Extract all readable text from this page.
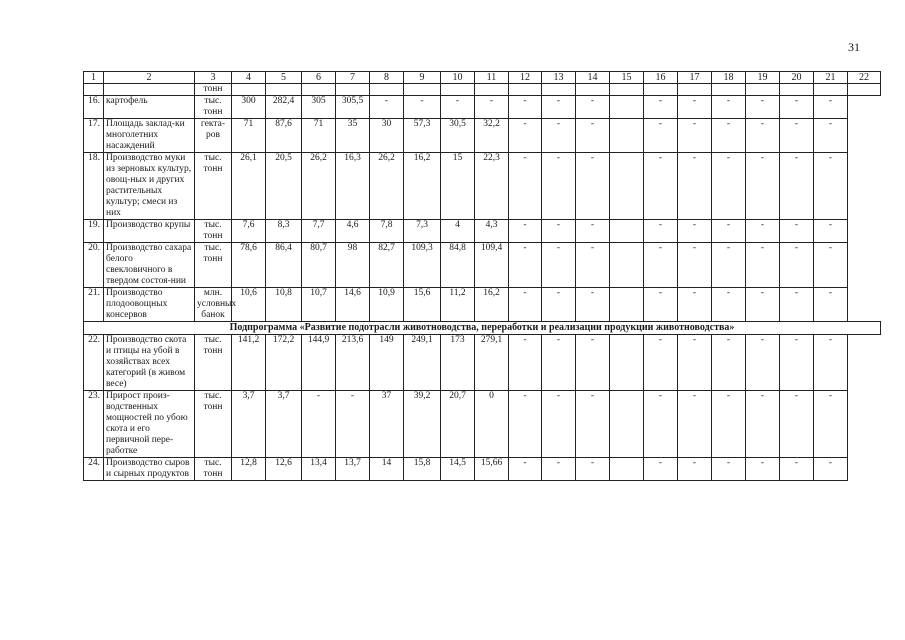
31
1	2	3	4	5	6	7	8	9	10	11	12	13	14	15	16	17	18	19	20	21	22
		тонн																			
16.	картофель	тыс. тонн	300	282,4	305	305,5	-	-	-	-	-	-	-		-	-	-	-	-	-	
17.	Площадь заклад-ки многолетних насаждений	гекта-ров	71	87,6	71	35	30	57,3	30,5	32,2	-	-	-		-	-	-	-	-	-	
18.	Производство муки из зерновых культур, овощ-ных и других растительных культур; смеси из них	тыс. тонн	26,1	20,5	26,2	16,3	26,2	16,2	15	22,3	-	-	-		-	-	-	-	-	-	
19.	Производство крупы	тыс. тонн	7,6	8,3	7,7	4,6	7,8	7,3	4	4,3	-	-	-		-	-	-	-	-	-	
20.	Производство сахара белого свекловичного в твердом состоя-нии	тыс. тонн	78,6	86,4	80,7	98	82,7	109,3	84,8	109,4	-	-	-		-	-	-	-	-	-	
21.	Производство плодоовощных консервов	млн. условных банок	10,6	10,8	10,7	14,6	10,9	15,6	11,2	16,2	-	-	-		-	-	-	-	-	-	
Подпрограмма «Развитие подотрасли животноводства, переработки и реализации продукции животноводства»																					
22.	Производство скота и птицы на убой в хозяйствах всех категорий (в живом весе)	тыс. тонн	141,2	172,2	144,9	213,6	149	249,1	173	279,1	-	-	-		-	-	-	-	-	-	
23.	Прирост произ-водственных мощностей по убою скота и его первичной пере-работке	тыс. тонн	3,7	3,7	-	-	37	39,2	20,7	0	-	-	-		-	-	-	-	-	-	
24.	Производство сыров и сырных продуктов	тыс. тонн	12,8	12,6	13,4	13,7	14	15,8	14,5	15,66	-	-	-		-	-	-	-	-	-	
